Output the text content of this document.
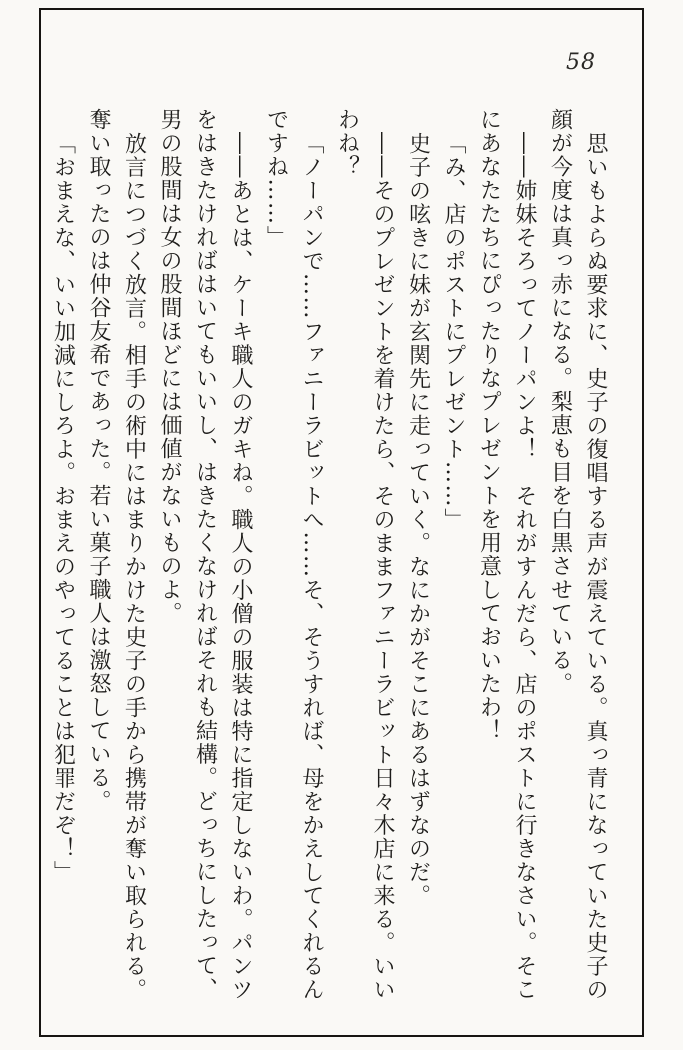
58
思いもよらぬ要求に、史子の復唱する声が震えている。真っ青になっていた史子の
顔が今度は真っ赤になる。梨恵も目を白黒させている。
――姉妹そろってノーパンよ！　それがすんだら、店のポストに行きなさい。そこ
にあなたたちにぴったりなプレゼントを用意しておいたわ！
「み、店のポストにプレゼント……」
史子の呟きに妹が玄関先に走っていく。なにかがそこにあるはずなのだ。
――そのプレゼントを着けたら、そのままファニーラビット日々木店に来る。いい
わね？
「ノーパンで……ファニーラビットへ……そ、そうすれば、母をかえしてくれるん
ですね……」
――あとは、ケーキ職人のガキね。職人の小僧の服装は特に指定しないわ。パンツ
をはきたければはいてもいいし、はきたくなければそれも結構。どっちにしたって、
男の股間は女の股間ほどには価値がないものよ。
放言につづく放言。相手の術中にはまりかけた史子の手から携帯が奪い取られる。
奪い取ったのは仲谷友希であった。若い菓子職人は激怒している。
「おまえな、いい加減にしろよ。おまえのやってることは犯罪だぞ！」
